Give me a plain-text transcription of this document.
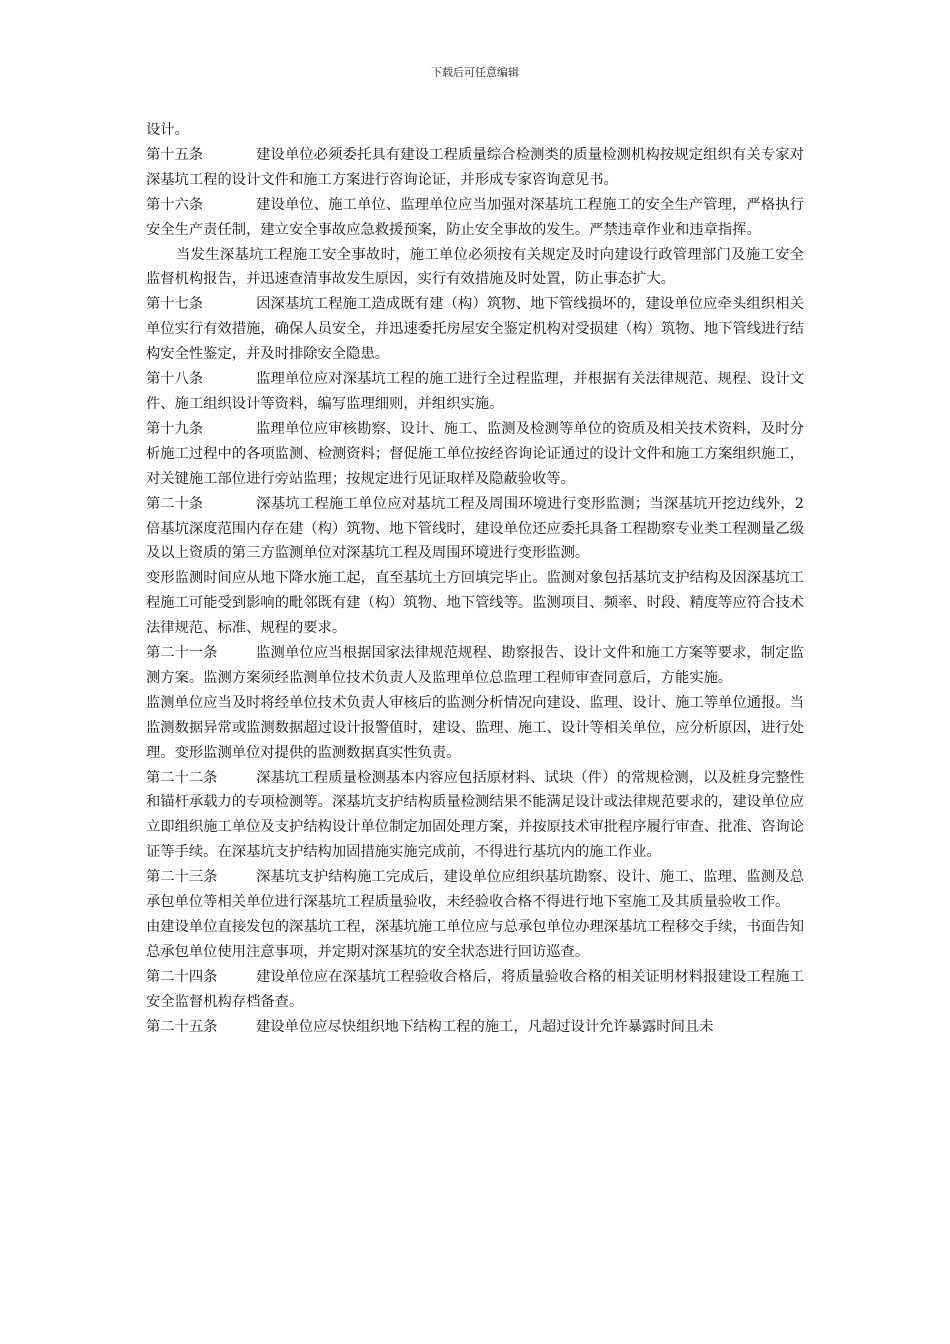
下载后可任意编辑

设计。

第十五条	建设单位必须委托具有建设工程质量综合检测类的质量检测机构按规定组织有关专家对深基坑工程的设计文件和施工方案进行咨询论证，并形成专家咨询意见书。

第十六条	建设单位、施工单位、监理单位应当加强对深基坑工程施工的安全生产管理，严格执行安全生产责任制，建立安全事故应急救援预案，防止安全事故的发生。严禁违章作业和违章指挥。

当发生深基坑工程施工安全事故时，施工单位必须按有关规定及时向建设行政管理部门及施工安全监督机构报告，并迅速查清事故发生原因，实行有效措施及时处置，防止事态扩大。

第十七条	因深基坑工程施工造成既有建（构）筑物、地下管线损坏的，建设单位应牵头组织相关单位实行有效措施，确保人员安全，并迅速委托房屋安全鉴定机构对受损建（构）筑物、地下管线进行结构安全性鉴定，并及时排除安全隐患。

第十八条	监理单位应对深基坑工程的施工进行全过程监理，并根据有关法律规范、规程、设计文件、施工组织设计等资料，编写监理细则，并组织实施。

第十九条	监理单位应审核勘察、设计、施工、监测及检测等单位的资质及相关技术资料，及时分析施工过程中的各项监测、检测资料；督促施工单位按经咨询论证通过的设计文件和施工方案组织施工，对关键施工部位进行旁站监理；按规定进行见证取样及隐蔽验收等。

第二十条	深基坑工程施工单位应对基坑工程及周围环境进行变形监测；当深基坑开挖边线外，2倍基坑深度范围内存在建（构）筑物、地下管线时，建设单位还应委托具备工程勘察专业类工程测量乙级及以上资质的第三方监测单位对深基坑工程及周围环境进行变形监测。

变形监测时间应从地下降水施工起，直至基坑土方回填完毕止。监测对象包括基坑支护结构及因深基坑工程施工可能受到影响的毗邻既有建（构）筑物、地下管线等。监测项目、频率、时段、精度等应符合技术法律规范、标准、规程的要求。

第二十一条	监测单位应当根据国家法律规范规程、勘察报告、设计文件和施工方案等要求，制定监测方案。监测方案须经监测单位技术负责人及监理单位总监理工程师审查同意后，方能实施。

监测单位应当及时将经单位技术负责人审核后的监测分析情况向建设、监理、设计、施工等单位通报。当监测数据异常或监测数据超过设计报警值时，建设、监理、施工、设计等相关单位，应分析原因，进行处理。变形监测单位对提供的监测数据真实性负责。

第二十二条	深基坑工程质量检测基本内容应包括原材料、试块（件）的常规检测，以及桩身完整性和锚杆承载力的专项检测等。深基坑支护结构质量检测结果不能满足设计或法律规范要求的，建设单位应立即组织施工单位及支护结构设计单位制定加固处理方案，并按原技术审批程序履行审查、批准、咨询论证等手续。在深基坑支护结构加固措施实施完成前，不得进行基坑内的施工作业。

第二十三条	深基坑支护结构施工完成后，建设单位应组织基坑勘察、设计、施工、监理、监测及总承包单位等相关单位进行深基坑工程质量验收，未经验收合格不得进行地下室施工及其质量验收工作。

由建设单位直接发包的深基坑工程，深基坑施工单位应与总承包单位办理深基坑工程移交手续，书面告知总承包单位使用注意事项，并定期对深基坑的安全状态进行回访巡查。

第二十四条	建设单位应在深基坑工程验收合格后，将质量验收合格的相关证明材料报建设工程施工安全监督机构存档备查。

第二十五条	建设单位应尽快组织地下结构工程的施工，凡超过设计允许暴露时间且未
